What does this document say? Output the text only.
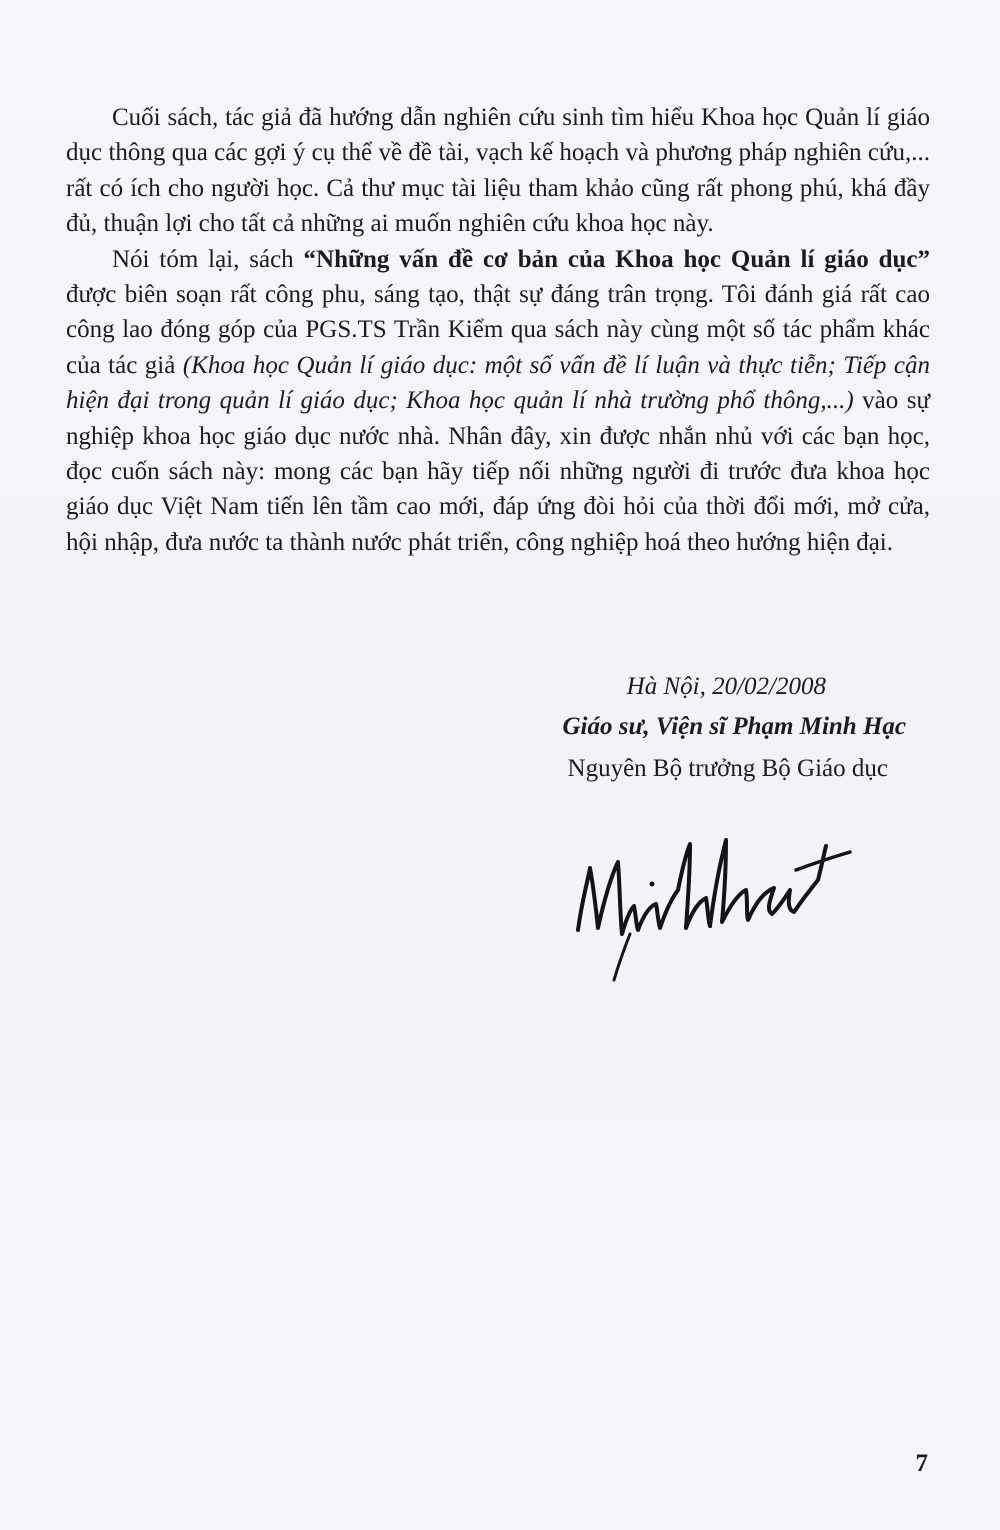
Cuối sách, tác giả đã hướng dẫn nghiên cứu sinh tìm hiểu Khoa học Quản lí giáo dục thông qua các gợi ý cụ thể về đề tài, vạch kế hoạch và phương pháp nghiên cứu,... rất có ích cho người học. Cả thư mục tài liệu tham khảo cũng rất phong phú, khá đầy đủ, thuận lợi cho tất cả những ai muốn nghiên cứu khoa học này.

Nói tóm lại, sách “Những vấn đề cơ bản của Khoa học Quản lí giáo dục” được biên soạn rất công phu, sáng tạo, thật sự đáng trân trọng. Tôi đánh giá rất cao công lao đóng góp của PGS.TS Trần Kiểm qua sách này cùng một số tác phẩm khác của tác giả (Khoa học Quản lí giáo dục: một số vấn đề lí luận và thực tiễn; Tiếp cận hiện đại trong quản lí giáo dục; Khoa học quản lí nhà trường phổ thông,...) vào sự nghiệp khoa học giáo dục nước nhà. Nhân đây, xin được nhắn nhủ với các bạn học, đọc cuốn sách này: mong các bạn hãy tiếp nối những người đi trước đưa khoa học giáo dục Việt Nam tiến lên tầm cao mới, đáp ứng đòi hỏi của thời đổi mới, mở cửa, hội nhập, đưa nước ta thành nước phát triển, công nghiệp hoá theo hướng hiện đại.

Hà Nội, 20/02/2008
Giáo sư, Viện sĩ Phạm Minh Hạc
Nguyên Bộ trưởng Bộ Giáo dục
7
